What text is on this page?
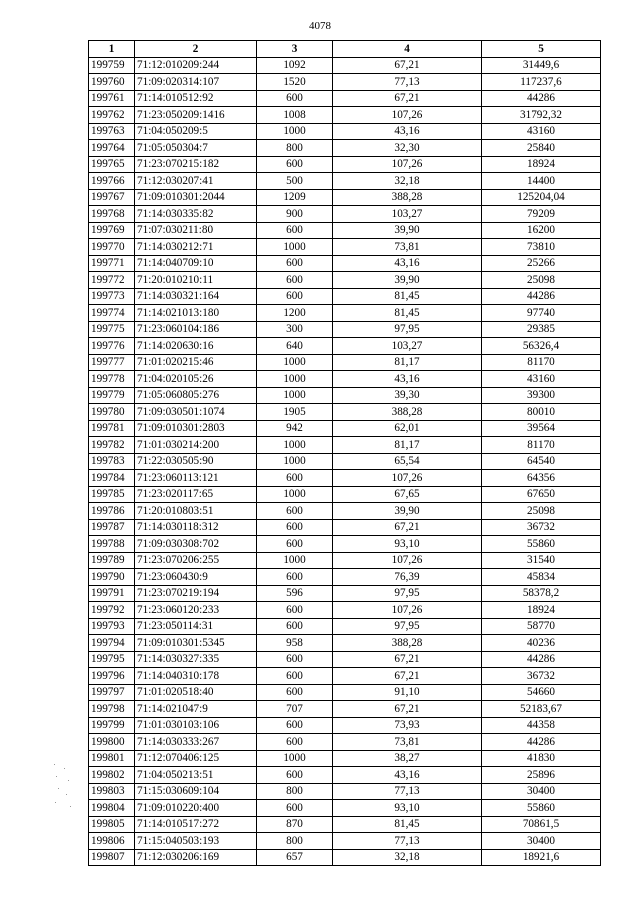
4078
1	2	3	4	5
199759	71:12:010209:244	1092	67,21	31449,6
199760	71:09:020314:107	1520	77,13	117237,6
199761	71:14:010512:92	600	67,21	44286
199762	71:23:050209:1416	1008	107,26	31792,32
199763	71:04:050209:5	1000	43,16	43160
199764	71:05:050304:7	800	32,30	25840
199765	71:23:070215:182	600	107,26	18924
199766	71:12:030207:41	500	32,18	14400
199767	71:09:010301:2044	1209	388,28	125204,04
199768	71:14:030335:82	900	103,27	79209
199769	71:07:030211:80	600	39,90	16200
199770	71:14:030212:71	1000	73,81	73810
199771	71:14:040709:10	600	43,16	25266
199772	71:20:010210:11	600	39,90	25098
199773	71:14:030321:164	600	81,45	44286
199774	71:14:021013:180	1200	81,45	97740
199775	71:23:060104:186	300	97,95	29385
199776	71:14:020630:16	640	103,27	56326,4
199777	71:01:020215:46	1000	81,17	81170
199778	71:04:020105:26	1000	43,16	43160
199779	71:05:060805:276	1000	39,30	39300
199780	71:09:030501:1074	1905	388,28	80010
199781	71:09:010301:2803	942	62,01	39564
199782	71:01:030214:200	1000	81,17	81170
199783	71:22:030505:90	1000	65,54	64540
199784	71:23:060113:121	600	107,26	64356
199785	71:23:020117:65	1000	67,65	67650
199786	71:20:010803:51	600	39,90	25098
199787	71:14:030118:312	600	67,21	36732
199788	71:09:030308:702	600	93,10	55860
199789	71:23:070206:255	1000	107,26	31540
199790	71:23:060430:9	600	76,39	45834
199791	71:23:070219:194	596	97,95	58378,2
199792	71:23:060120:233	600	107,26	18924
199793	71:23:050114:31	600	97,95	58770
199794	71:09:010301:5345	958	388,28	40236
199795	71:14:030327:335	600	67,21	44286
199796	71:14:040310:178	600	67,21	36732
199797	71:01:020518:40	600	91,10	54660
199798	71:14:021047:9	707	67,21	52183,67
199799	71:01:030103:106	600	73,93	44358
199800	71:14:030333:267	600	73,81	44286
199801	71:12:070406:125	1000	38,27	41830
199802	71:04:050213:51	600	43,16	25896
199803	71:15:030609:104	800	77,13	30400
199804	71:09:010220:400	600	93,10	55860
199805	71:14:010517:272	870	81,45	70861,5
199806	71:15:040503:193	800	77,13	30400
199807	71:12:030206:169	657	32,18	18921,6
